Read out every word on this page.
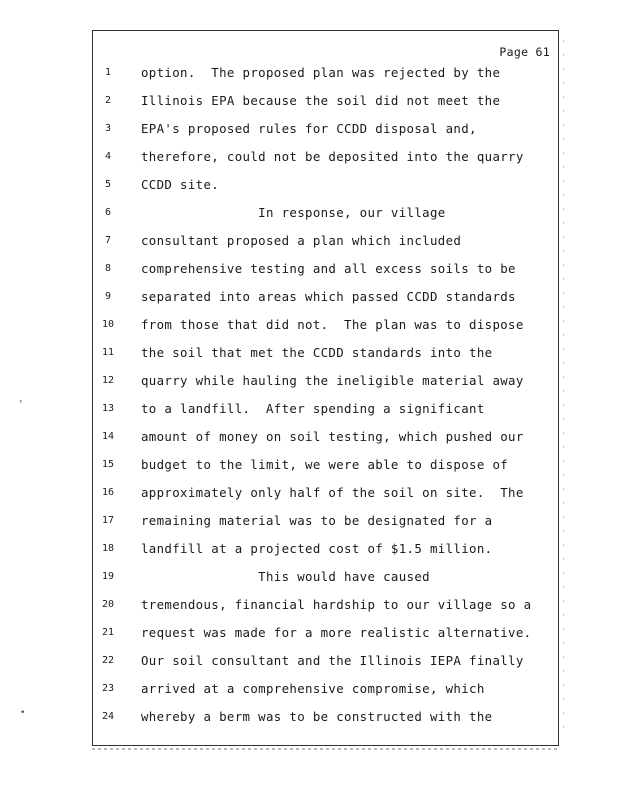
’
•
Page 61
1	option.  The proposed plan was rejected by the
2	Illinois EPA because the soil did not meet the
3	EPA's proposed rules for CCDD disposal and,
4	therefore, could not be deposited into the quarry
5	CCDD site.
6	In response, our village
7	consultant proposed a plan which included
8	comprehensive testing and all excess soils to be
9	separated into areas which passed CCDD standards
10	from those that did not.  The plan was to dispose
11	the soil that met the CCDD standards into the
12	quarry while hauling the ineligible material away
13	to a landfill.  After spending a significant
14	amount of money on soil testing, which pushed our
15	budget to the limit, we were able to dispose of
16	approximately only half of the soil on site.  The
17	remaining material was to be designated for a
18	landfill at a projected cost of $1.5 million.
19	This would have caused
20	tremendous, financial hardship to our village so a
21	request was made for a more realistic alternative.
22	Our soil consultant and the Illinois IEPA finally
23	arrived at a comprehensive compromise, which
24	whereby a berm was to be constructed with the
